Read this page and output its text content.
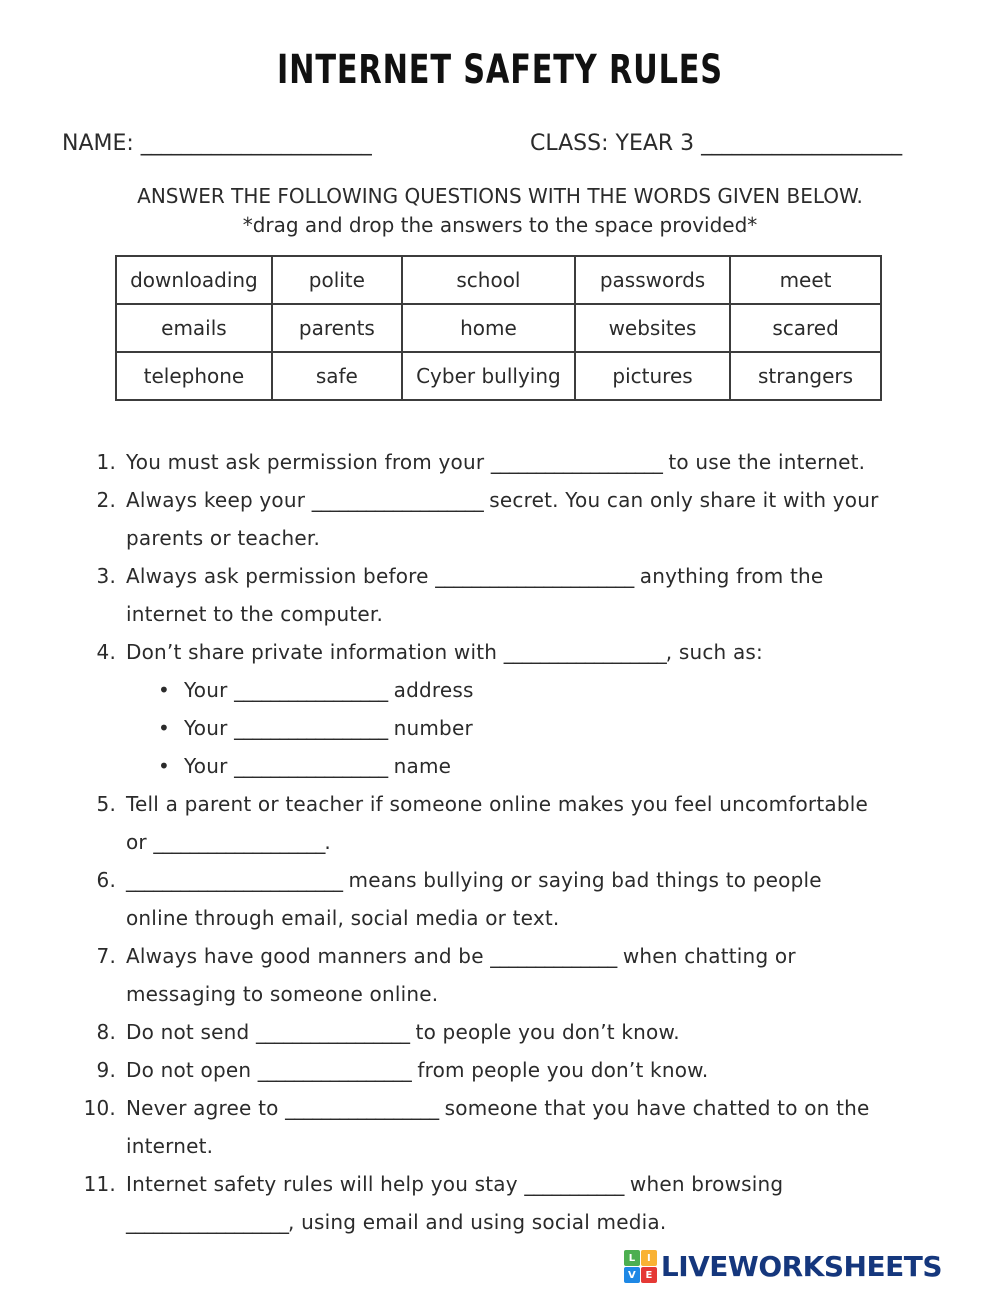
INTERNET SAFETY RULES
NAME: _______________________	CLASS: YEAR 3 ____________________

ANSWER THE FOLLOWING QUESTIONS WITH THE WORDS GIVEN BELOW.

*drag and drop the answers to the space provided*

downloading	polite	school	passwords	meet
emails	parents	home	websites	scared
telephone	safe	Cyber bullying	pictures	strangers
1. You must ask permission from your ___________________ to use the internet.
2. Always keep your ___________________ secret. You can only share it with your
parents or teacher.
3. Always ask permission before ______________________ anything from the
internet to the computer.
4. Don’t share private information with __________________, such as:
• Your _________________ address
• Your _________________ number
• Your _________________ name
5. Tell a parent or teacher if someone online makes you feel uncomfortable
or ___________________.
6. ________________________ means bullying or saying bad things to people
online through email, social media or text.
7. Always have good manners and be ______________ when chatting or
messaging to someone online.
8. Do not send _________________ to people you don’t know.
9. Do not open _________________ from people you don’t know.
10. Never agree to _________________ someone that you have chatted to on the
internet.
11. Internet safety rules will help you stay ___________ when browsing
__________________, using email and using social media.
L	I
V E LIVEWORKSHEETS
